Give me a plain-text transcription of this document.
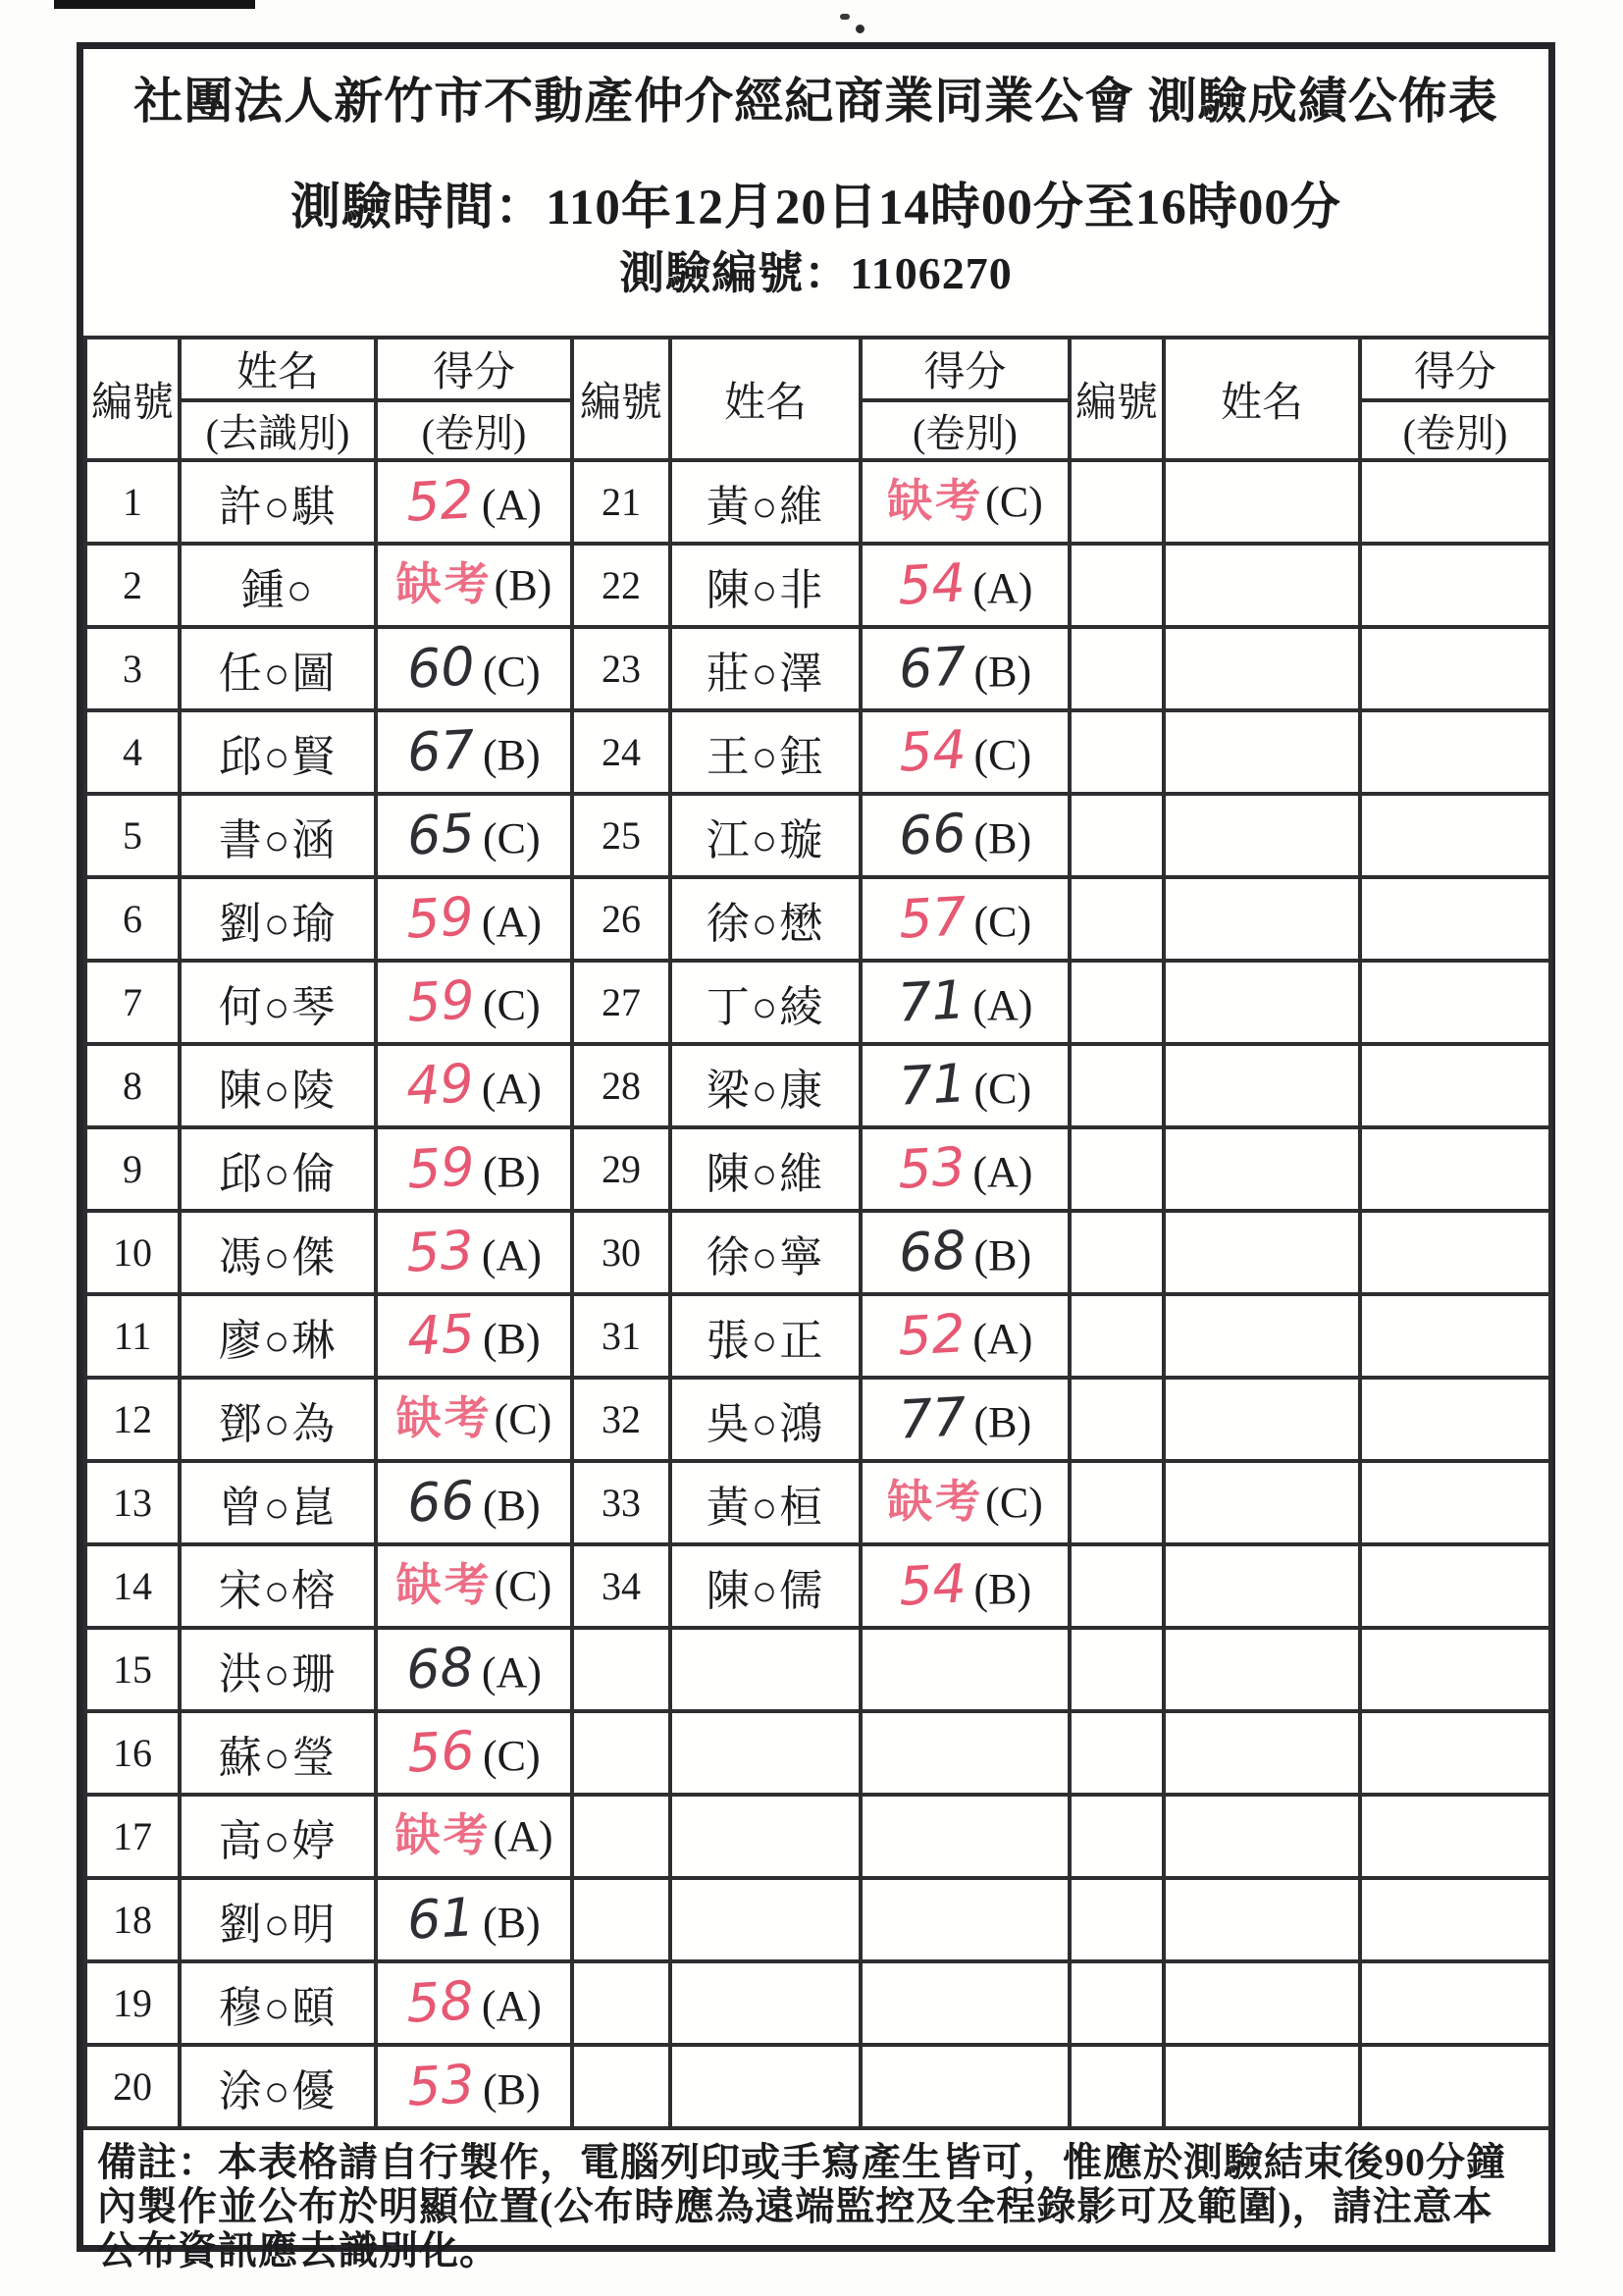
社團法人新竹市不動產仲介經紀商業同業公會 測驗成績公佈表
測驗時間：110年12月20日14時00分至16時00分
測驗編號：1106270
編號	姓名	得分	編號	姓名	得分	編號	姓名	得分
	(去識別)	(卷別)			(卷別)			(卷別)
1	許○騏	52 (A)	21	黃○維	缺考(C)			
2	鍾○	缺考(B)	22	陳○非	54 (A)			
3	任○圖	60 (C)	23	莊○澤	67 (B)			
4	邱○賢	67 (B)	24	王○鈺	54 (C)			
5	書○涵	65 (C)	25	江○璇	66 (B)			
6	劉○瑜	59 (A)	26	徐○懋	57 (C)			
7	何○琴	59 (C)	27	丁○綾	71 (A)			
8	陳○陵	49 (A)	28	梁○康	71 (C)			
9	邱○倫	59 (B)	29	陳○維	53 (A)			
10	馮○傑	53 (A)	30	徐○寧	68 (B)			
11	廖○琳	45 (B)	31	張○正	52 (A)			
12	鄧○為	缺考(C)	32	吳○鴻	77 (B)			
13	曾○崑	66 (B)	33	黃○桓	缺考(C)			
14	宋○榕	缺考(C)	34	陳○儒	54 (B)			
15	洪○珊	68 (A)						
16	蘇○瑩	56 (C)						
17	高○婷	缺考(A)						
18	劉○明	61 (B)						
19	穆○頤	58 (A)						
20	涂○優	53 (B)						
備註：本表格請自行製作，電腦列印或手寫產生皆可，惟應於測驗結束後90分鐘內製作並公布於明顯位置(公布時應為遠端監控及全程錄影可及範圍)，請注意本公布資訊應去識別化。
